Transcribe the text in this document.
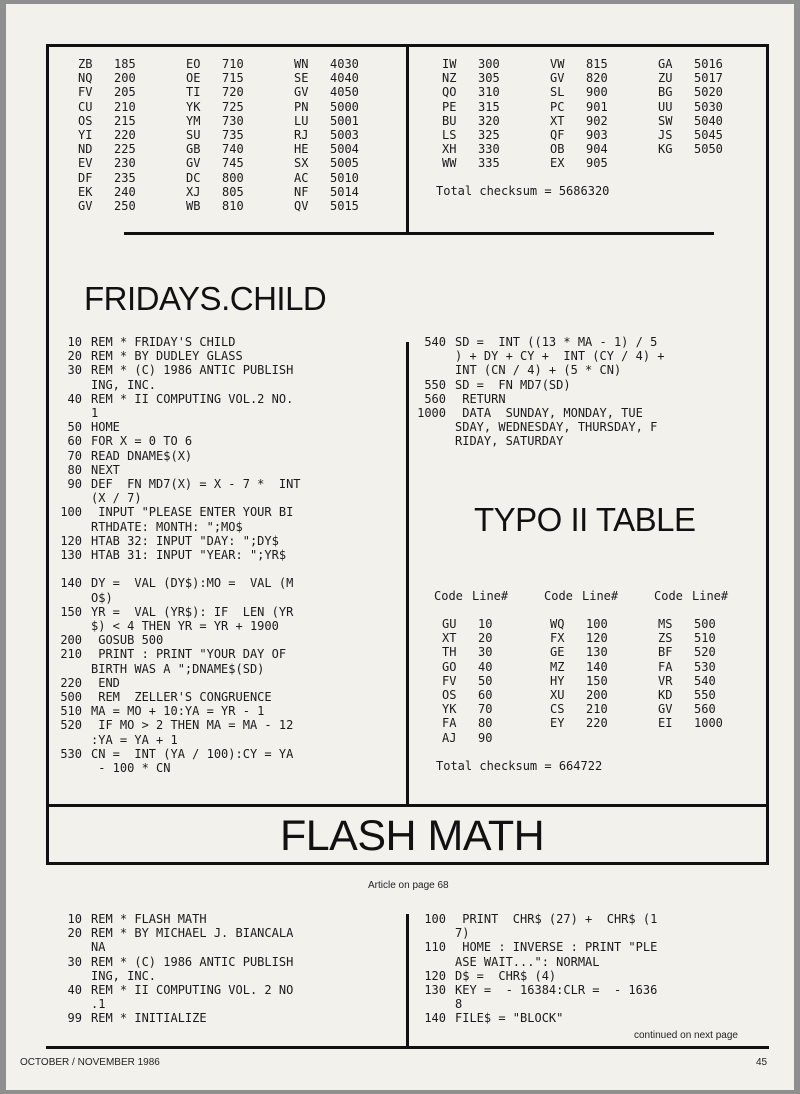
ZB	185	EO	710	WN	4030
NQ	200	OE	715	SE	4040
FV	205	TI	720	GV	4050
CU	210	YK	725	PN	5000
OS	215	YM	730	LU	5001
YI	220	SU	735	RJ	5003
ND	225	GB	740	HE	5004
EV	230	GV	745	SX	5005
DF	235	DC	800	AC	5010
EK	240	XJ	805	NF	5014
GV	250	WB	810	QV	5015
IW	300	VW	815	GA	5016
NZ	305	GV	820	ZU	5017
QO	310	SL	900	BG	5020
PE	315	PC	901	UU	5030
BU	320	XT	902	SW	5040
LS	325	QF	903	JS	5045
XH	330	OB	904	KG	5050
WW	335	EX	905
Total checksum = 5686320
FRIDAYS.CHILD
10 REM * FRIDAY'S CHILD
20 REM * BY DUDLEY GLASS
30 REM * (C) 1986 ANTIC PUBLISH
ING, INC.
40 REM * II COMPUTING VOL.2 NO.
1
50 HOME
60 FOR X = 0 TO 6
70 READ DNAME$(X)
80 NEXT
90 DEF  FN MD7(X) = X - 7 *  INT
(X / 7)
100 INPUT "PLEASE ENTER YOUR BI
RTHDATE: MONTH: ";MO$
120 HTAB 32: INPUT "DAY: ";DY$
130 HTAB 31: INPUT "YEAR: ";YR$

140 DY =  VAL (DY$):MO =  VAL (M
O$)
150 YR =  VAL (YR$): IF  LEN (YR
$) < 4 THEN YR = YR + 1900
200 GOSUB 500
210 PRINT : PRINT "YOUR DAY OF
BIRTH WAS A ";DNAME$(SD)
220 END
500 REM  ZELLER'S CONGRUENCE
510 MA = MO + 10:YA = YR - 1
520 IF MO > 2 THEN MA = MA - 12
:YA = YA + 1
530 CN =  INT (YA / 100):CY = YA
- 100 * CN
540 SD =  INT ((13 * MA - 1) / 5
) + DY + CY +  INT (CY / 4) +
INT (CN / 4) + (5 * CN)
550 SD =  FN MD7(SD)
560 RETURN
1000 DATA  SUNDAY, MONDAY, TUE
SDAY, WEDNESDAY, THURSDAY, F
RIDAY, SATURDAY
TYPO II TABLE
Code Line#	Code Line#	Code Line#
GU	10	WQ	100	MS	500
XT	20	FX	120	ZS	510
TH	30	GE	130	BF	520
GO	40	MZ	140	FA	530
FV	50	HY	150	VR	540
OS	60	XU	200	KD	550
YK	70	CS	210	GV	560
FA	80	EY	220	EI	1000
AJ	90
Total checksum = 664722
FLASH MATH
Article on page 68
10 REM * FLASH MATH
20 REM * BY MICHAEL J. BIANCALA
NA
30 REM * (C) 1986 ANTIC PUBLISH
ING, INC.
40 REM * II COMPUTING VOL. 2 NO
.1
99 REM * INITIALIZE
100 PRINT  CHR$ (27) +  CHR$ (1
7)
110 HOME : INVERSE : PRINT "PLE
ASE WAIT...": NORMAL
120 D$ =  CHR$ (4)
130 KEY =  - 16384:CLR =  - 1636
8
140 FILE$ = "BLOCK"
continued on next page
OCTOBER / NOVEMBER 1986	45
